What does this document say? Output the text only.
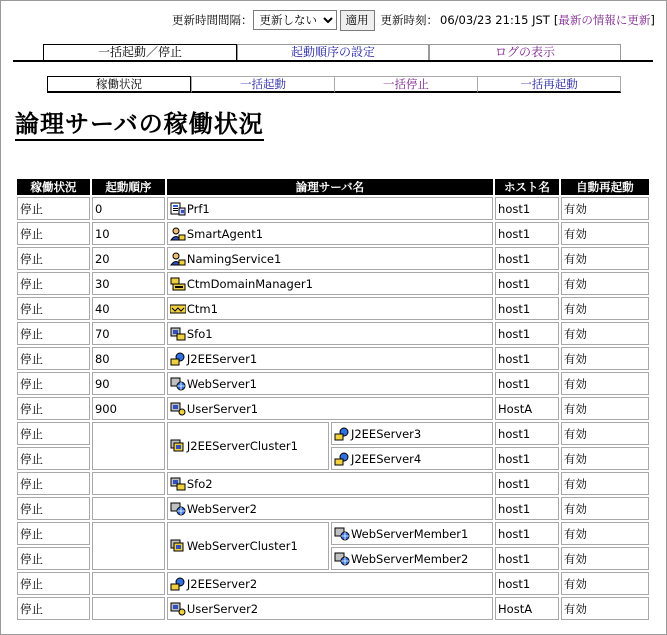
更新時間間隔：
更新しない	適用	更新時刻： 06/03/23 21:15 JST [ 最新の情報に更新 ]
一括起動／停止	起動順序の設定	ログの表示
稼働状況	一括起動	一括停止	一括再起動
論理サーバの稼働状況
稼働状況	起動順序	論理サーバ名		ホスト名	自動再起動
停止	0	Prf1		host1	有効
停止	10	SmartAgent1		host1	有効
停止	20	NamingService1		host1	有効
停止	30	CtmDomainManager1		host1	有効
停止	40	Ctm1		host1	有効
停止	70	Sfo1		host1	有効
停止	80	J2EEServer1		host1	有効
停止	90	WebServer1		host1	有効
停止	900	UserServer1		HostA	有効
停止		J2EEServerCluster1	J2EEServer3	host1	有効
停止			J2EEServer4	host1	有効
停止		Sfo2		host1	有効
停止		WebServer2		host1	有効
停止		WebServerCluster1	WebServerMember1	host1	有効
停止			WebServerMember2	host1	有効
停止		J2EEServer2		host1	有効
停止		UserServer2		HostA	有効
